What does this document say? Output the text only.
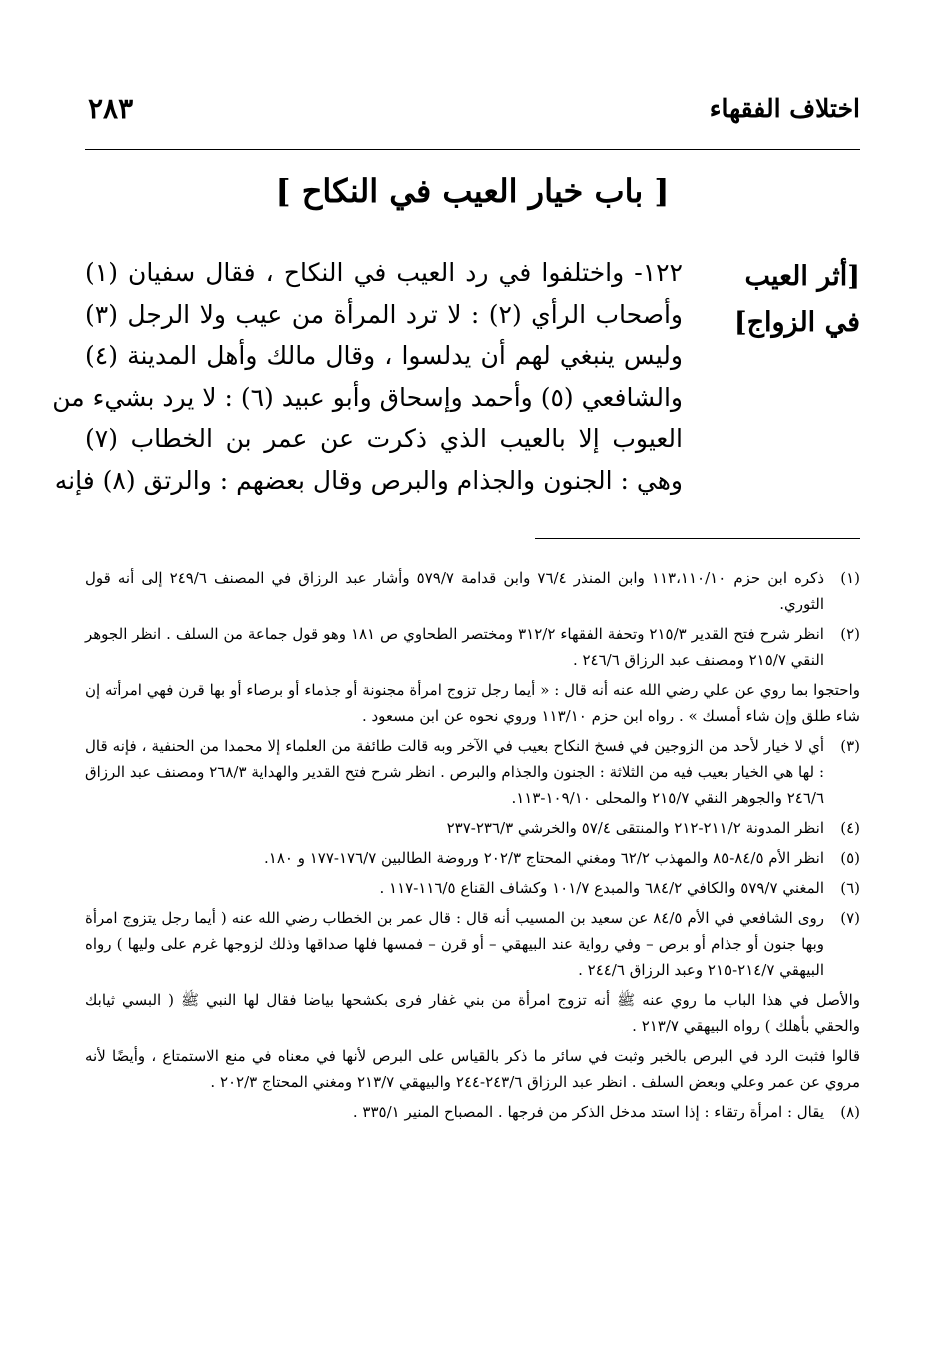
اختلاف الفقهاء
٢٨٣
[ باب خيار العيب في النكاح ]
[أثر العيب
في الزواج]
١٢٢- واختلفوا في رد العيب في النكاح ، فقال سفيان (١)
وأصحاب الرأي (٢) : لا ترد المرأة من عيب ولا الرجل (٣)
وليس ينبغي لهم أن يدلسوا ، وقال مالك وأهل المدينة (٤)
والشافعي (٥) وأحمد وإسحاق وأبو عبيد (٦) : لا يرد بشيء من
العيوب إلا بالعيب الذي ذكرت عن عمر بن الخطاب (٧)
وهي : الجنون والجذام والبرص وقال بعضهم : والرتق (٨) فإنه
(١)
ذكره ابن حزم ١١٣،١١٠/١٠ وابن المنذر ٧٦/٤ وابن قدامة ٥٧٩/٧ وأشار عبد الرزاق في المصنف ٢٤٩/٦ إلى أنه قول الثوري.
(٢)
انظر شرح فتح القدير ٢١٥/٣ وتحفة الفقهاء ٣١٢/٢ ومختصر الطحاوي ص ١٨١ وهو قول جماعة من السلف . انظر الجوهر النقي ٢١٥/٧ ومصنف عبد الرزاق ٢٤٦/٦ .
واحتجوا بما روي عن علي رضي الله عنه أنه قال : « أيما رجل تزوج امرأة مجنونة أو جذماء أو برصاء أو بها قرن فهي امرأته إن شاء طلق وإن شاء أمسك » . رواه ابن حزم ١١٣/١٠ وروي نحوه عن ابن مسعود .
(٣)
أي لا خيار لأحد من الزوجين في فسخ النكاح بعيب في الآخر وبه قالت طائفة من العلماء إلا محمدا من الحنفية ، فإنه قال : لها هي الخيار بعيب فيه من الثلاثة : الجنون والجذام والبرص . انظر شرح فتح القدير والهداية ٢٦٨/٣ ومصنف عبد الرزاق ٢٤٦/٦ والجوهر النقي ٢١٥/٧ والمحلى ١٠٩/١٠-١١٣.
(٤)
انظر المدونة ٢١١/٢-٢١٢ والمنتقى ٥٧/٤ والخرشي ٢٣٦/٣-٢٣٧
(٥)
انظر الأم ٨٤/٥-٨٥ والمهذب ٦٢/٢ ومغني المحتاج ٢٠٢/٣ وروضة الطالبين ١٧٦/٧-١٧٧ و ١٨٠.
(٦)
المغني ٥٧٩/٧ والكافي ٦٨٤/٢ والمبدع ١٠١/٧ وكشاف القناع ١١٦/٥-١١٧ .
(٧)
روى الشافعي في الأم ٨٤/٥ عن سعيد بن المسيب أنه قال : قال عمر بن الخطاب رضي الله عنه ( أيما رجل يتزوج امرأة وبها جنون أو جذام أو برص – وفي رواية عند البيهقي – أو قرن – فمسها فلها صداقها وذلك لزوجها غرم على وليها ) رواه البيهقي ٢١٤/٧-٢١٥ وعبد الرزاق ٢٤٤/٦ .
والأصل في هذا الباب ما روي عنه ﷺ أنه تزوج امرأة من بني غفار فرى بكشحها بياضا فقال لها النبي ﷺ ( البسي ثيابك والحقي بأهلك ) رواه البيهقي ٢١٣/٧ .
قالوا فثبت الرد في البرص بالخبر وثبت في سائر ما ذكر بالقياس على البرص لأنها في معناه في منع الاستمتاع ، وأيضًا لأنه مروي عن عمر وعلي وبعض السلف . انظر عبد الرزاق ٢٤٣/٦-٢٤٤ والبيهقي ٢١٣/٧ ومغني المحتاج ٢٠٢/٣ .
(٨)
يقال : امرأة رتقاء : إذا استد مدخل الذكر من فرجها . المصباح المنير ٣٣٥/١ .
